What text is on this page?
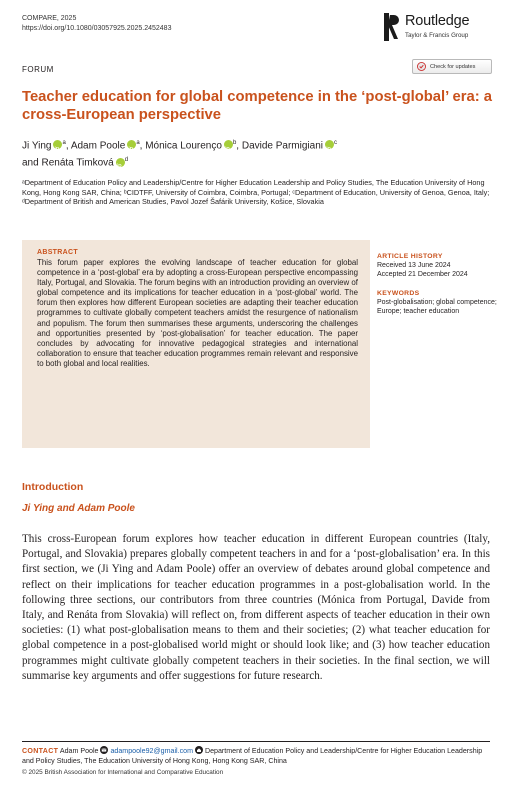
COMPARE, 2025
https://doi.org/10.1080/03057925.2025.2452483	Routledge
Taylor & Francis Group
FORUM	Check for updates
Teacher education for global competence in the ‘post-global’ era: a cross-European perspective
Ji Ying iD $^a$, Adam Poole iD $^a$, Mónica Lourenço iD $^b$, Davide Parmigiani iD $^c$
and Renáta Timková iD $^d$
ᵃDepartment of Education Policy and Leadership/Centre for Higher Education Leadership and Policy Studies, The Education University of Hong Kong, Hong Kong SAR, China; ᵇCIDTFF, University of Coimbra, Coimbra, Portugal; ᶜDepartment of Education, University of Genoa, Genoa, Italy; ᵈDepartment of British and American Studies, Pavol Jozef Šafárik University, Košice, Slovakia
ABSTRACT
This forum paper explores the evolving landscape of teacher education for global competence in a ‘post-global’ era by adopting a cross-European perspective encompassing Italy, Portugal, and Slovakia. The forum begins with an introduction providing an overview of global competence and its implications for teacher education in a ‘post-global’ world. The forum then explores how different European societies are adapting their teacher education programmes to cultivate globally competent teachers amidst the resurgence of nationalism and populism. The forum then summarises these arguments, underscoring the challenges and opportunities presented by ‘post-globalisation’ for teacher education. The paper concludes by advocating for innovative pedagogical strategies and international collaboration to ensure that teacher education programmes remain relevant and responsive to both global and local realities.
ARTICLE HISTORY
Received 13 June 2024
Accepted 21 December 2024
KEYWORDS
Post-globalisation; global competence; Europe; teacher education
Introduction
Ji Ying and Adam Poole
This cross-European forum explores how teacher education in different European countries (Italy, Portugal, and Slovakia) prepares globally competent teachers in and for a ‘post-globalisation’ era. In this first section, we (Ji Ying and Adam Poole) offer an overview of debates around global competence and reflect on their implications for teacher education programmes in a post-globalisation world. In the following three sections, our contributors from three countries (Mónica from Portugal, Davide from Italy, and Renáta from Slovakia) will reflect on, from different aspects of teacher education in their own societies: (1) what post-globalisation means to them and their societies; (2) what teacher education for global competence in a post-globalised world might or should look like; and (3) how teacher education programmes might cultivate globally competent teachers in their societies. In the final section, we will summarise key arguments and offer suggestions for future research.
CONTACT Adam Poole adampoole92@gmail.com Department of Education Policy and Leadership/Centre for Higher Education Leadership and Policy Studies, The Education University of Hong Kong, Hong Kong SAR, China
© 2025 British Association for International and Comparative Education
